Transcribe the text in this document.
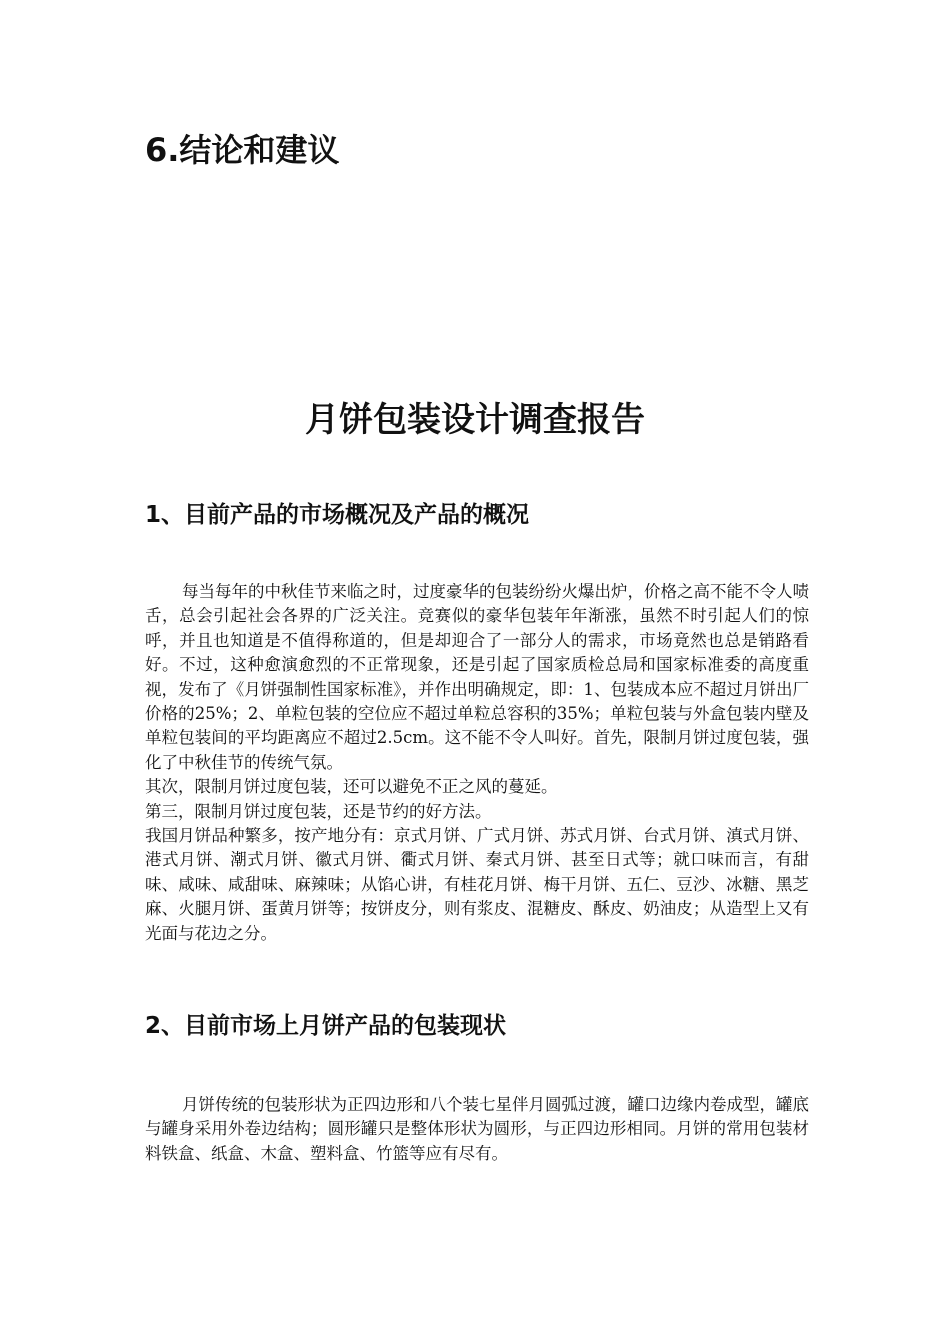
6.结论和建议
月饼包装设计调查报告
1、目前产品的市场概况及产品的概况

每当每年的中秋佳节来临之时，过度豪华的包装纷纷火爆出炉，价格之高不能不令人啧舌，总会引起社会各界的广泛关注。竞赛似的豪华包装年年渐涨，虽然不时引起人们的惊呼，并且也知道是不值得称道的，但是却迎合了一部分人的需求，市场竟然也总是销路看好。不过，这种愈演愈烈的不正常现象，还是引起了国家质检总局和国家标准委的高度重视，发布了《月饼强制性国家标准》，并作出明确规定，即：1、包装成本应不超过月饼出厂价格的25%；2、单粒包装的空位应不超过单粒总容积的35%；单粒包装与外盒包装内壁及单粒包装间的平均距离应不超过2.5cm。这不能不令人叫好。首先，限制月饼过度包装，强化了中秋佳节的传统气氛。

其次，限制月饼过度包装，还可以避免不正之风的蔓延。

第三，限制月饼过度包装，还是节约的好方法。

我国月饼品种繁多，按产地分有：京式月饼、广式月饼、苏式月饼、台式月饼、滇式月饼、港式月饼、潮式月饼、徽式月饼、衢式月饼、秦式月饼、甚至日式等；就口味而言，有甜味、咸味、咸甜味、麻辣味；从馅心讲，有桂花月饼、梅干月饼、五仁、豆沙、冰糖、黑芝麻、火腿月饼、蛋黄月饼等；按饼皮分，则有浆皮、混糖皮、酥皮、奶油皮；从造型上又有光面与花边之分。

2、目前市场上月饼产品的包装现状

月饼传统的包装形状为正四边形和八个装七星伴月圆弧过渡，罐口边缘内卷成型，罐底与罐身采用外卷边结构；圆形罐只是整体形状为圆形，与正四边形相同。月饼的常用包装材料铁盒、纸盒、木盒、塑料盒、竹篮等应有尽有。
